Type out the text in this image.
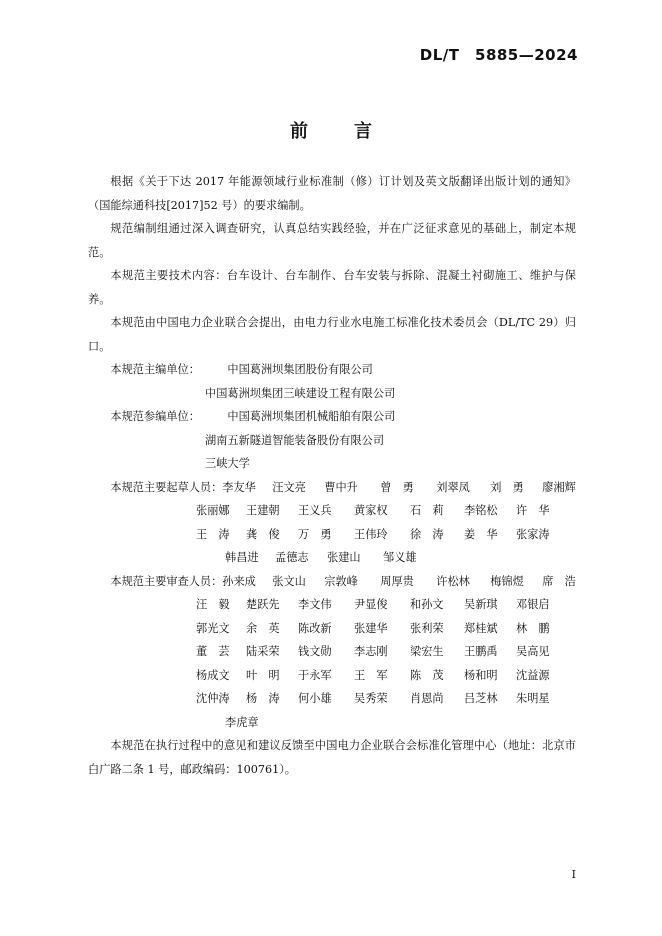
DL/T　5885—2024
前　言

根据《关于下达 2017 年能源领域行业标准制（修）订计划及英文版翻译出版计划的通知》（国能综通科技[2017]52 号）的要求编制。

规范编制组通过深入调查研究，认真总结实践经验，并在广泛征求意见的基础上，制定本规范。

本规范主要技术内容：台车设计、台车制作、台车安装与拆除、混凝土衬砌施工、维护与保养。

本规范由中国电力企业联合会提出，由电力行业水电施工标准化技术委员会（DL/TC 29）归口。

本规范主编单位：	中国葛洲坝集团股份有限公司
中国葛洲坝集团三峡建设工程有限公司
本规范参编单位：	中国葛洲坝集团机械船舶有限公司
湖南五新隧道智能装备股份有限公司
三峡大学
本规范主要起草人员： 李友华	汪文亮	曹中升	曾　勇	刘翠凤	刘　勇	廖湘辉
张丽娜	王建朝	王义兵	黄家权	石　莉	李铭松	许　华
王　涛	龚　俊	万　勇	王伟玲	徐　涛	姜　华	张家涛
韩昌进	孟德志	张建山	邹义雄
本规范主要审查人员： 孙来成	张文山	宗敦峰	周厚贵	许松林	梅锦煜	席　浩
汪　毅	楚跃先	李文伟	尹显俊	和孙文	吴新琪	邓银启
郭光文	余　英	陈改新	张建华	张利荣	郑桂斌	林　鹏
董　芸	陆采荣	钱文勋	李志刚	梁宏生	王鹏禹	吴高见
杨成文	叶　明	于永军	王　军	陈　茂	杨和明	沈益源
沈仲涛	杨　涛	何小雄	吴秀荣	肖恩尚	吕芝林	朱明星
李虎章

本规范在执行过程中的意见和建议反馈至中国电力企业联合会标准化管理中心（地址：北京市白广路二条 1 号，邮政编码：100761）。

I
